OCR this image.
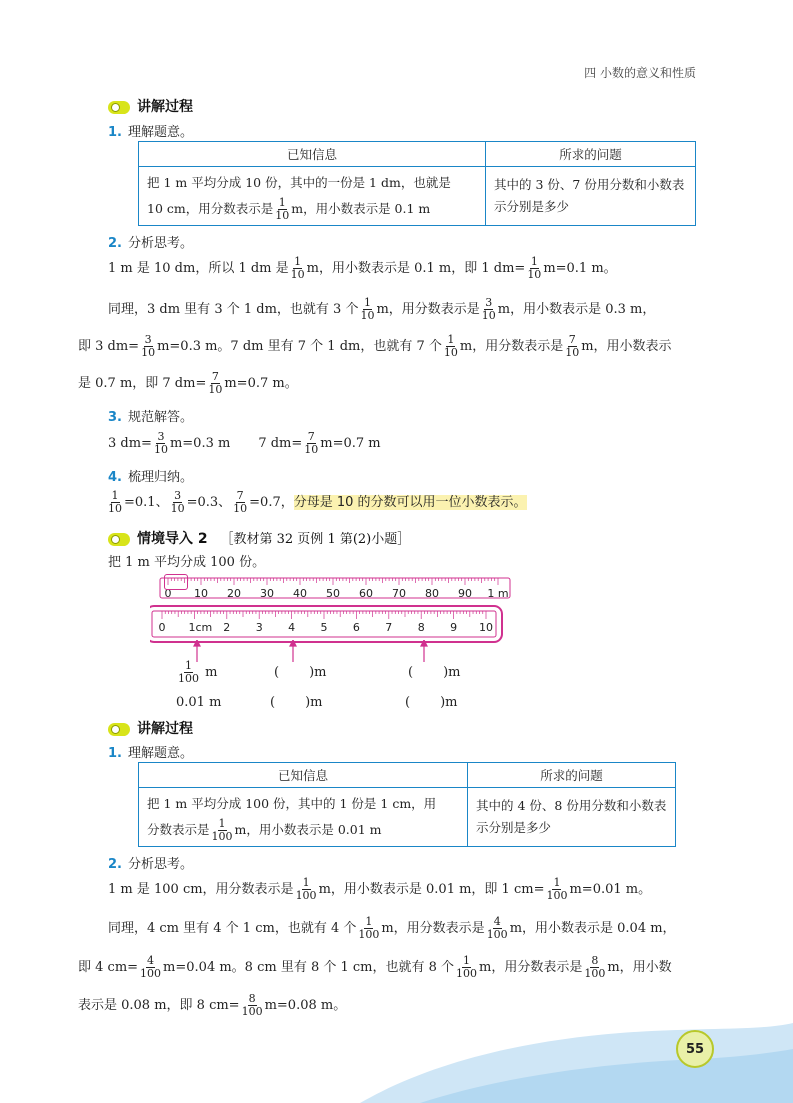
四 小数的意义和性质
讲解过程
1. 理解题意。
已知信息	所求的问题

把 1 m 平均分成 10 份，其中的一份是 1 dm，也就是
10 cm，用分数表示是 $\frac{1}{10}$ m，用小数表示是 0.1 m	其中的 3 份、7 份用分数和小数表示分别是多少
2. 分析思考。
1 m 是 10 dm，所以 1 dm 是 $\frac{1}{10}$ m，用小数表示是 0.1 m，即 1 $dm= \frac{1}{10} m=0.1$ m。
同理，3 dm 里有 3 个 1 dm，也就有 3 个 $\frac{1}{10}$ m，用分数表示是 $\frac{3}{10}$ m，用小数表示是 0.3 m，
即 3 $dm= \frac{3}{10} m=0.3$ m。7 dm 里有 7 个 1 dm，也就有 7 个 $\frac{1}{10}$ m，用分数表示是 $\frac{7}{10}$ m，用小数表示
是 0.7 m，即 7 $dm= \frac{7}{10} m=0.7$ m。
3. 规范解答。
3 $dm= \frac{3}{10} m=0.3$ m 7 $dm= \frac{7}{10} m=0.7$ m
4. 梳理归纳。
$\frac{1}{10} =0.1$、 $\frac{3}{10} =0.3$、 $\frac{7}{10} =0.7$，分母是 10 的分数可以用一位小数表示。
情境导入 2 ［教材第 32 页例 1 第(2)小题］
把 1 m 平均分成 100 份。
0 10 20 30 40 50 60 70 80 90 1 m
0 1cm 2 3 4 5 6 7 8 9 10
$\frac{1}{100}$ m	( )m	( )m
0.01 m	( )m	( )m
讲解过程
1. 理解题意。
已知信息	所求的问题

把 1 m 平均分成 100 份，其中的 1 份是 1 cm，用
分数表示是 $\frac{1}{100}$ m，用小数表示是 0.01 m	其中的 4 份、8 份用分数和小数表示分别是多少
2. 分析思考。
1 m 是 100 cm，用分数表示是 $\frac{1}{100}$ m，用小数表示是 0.01 m，即 1 $cm= \frac{1}{100} m=0.01$ m。
同理，4 cm 里有 4 个 1 cm，也就有 4 个 $\frac{1}{100}$ m，用分数表示是 $\frac{4}{100}$ m，用小数表示是 0.04 m，
即 4 $cm= \frac{4}{100} m=0.04$ m。8 cm 里有 8 个 1 cm，也就有 8 个 $\frac{1}{100}$ m，用分数表示是 $\frac{8}{100}$ m，用小数
表示是 0.08 m，即 8 $cm= \frac{8}{100} m=0.08$ m。
55
